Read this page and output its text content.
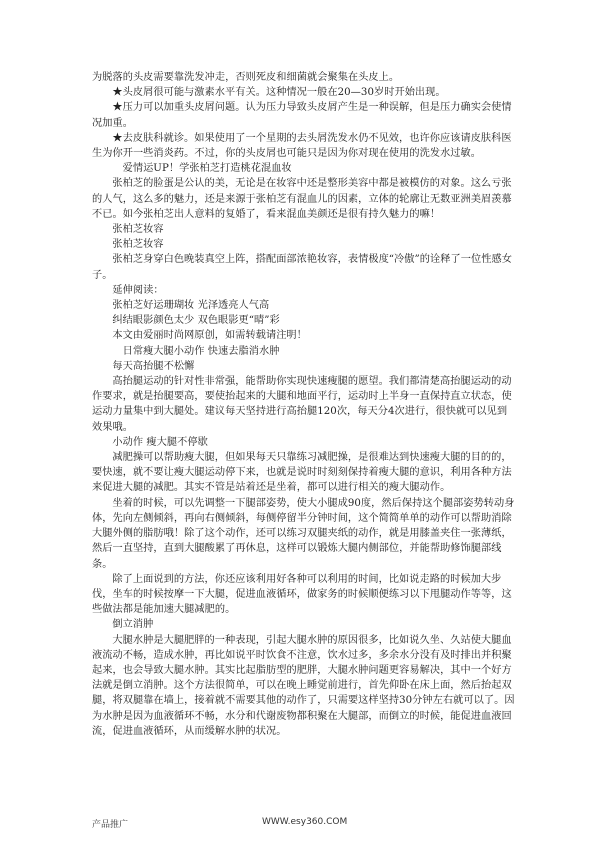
为脱落的头皮需要靠洗发冲走，否则死皮和细菌就会聚集在头皮上。

★头皮屑很可能与激素水平有关。这种情况一般在20—30岁时开始出现。

★压力可以加重头皮屑问题。认为压力导致头皮屑产生是一种误解，但是压力确实会使情况加重。

★去皮肤科就诊。如果使用了一个星期的去头屑洗发水仍不见效，也许你应该请皮肤科医生为你开一些消炎药。不过，你的头皮屑也可能只是因为你对现在使用的洗发水过敏。

爱情运UP！学张柏芝打造桃花混血妆

张柏芝的脸蛋是公认的美，无论是在妆容中还是整形美容中都是被模仿的对象。这么亏张的人气，这么多的魅力，还是来源于张柏芝有混血儿的因素，立体的轮廓让无数亚洲美眉羡慕不已。如今张柏芝出人意料的复婚了，看来混血美颜还是很有持久魅力的嘛！

张柏芝妆容

张柏芝妆容

张柏芝身穿白色晚装真空上阵，搭配面部浓艳妆容，表情极度“冷傲”的诠释了一位性感女子。

延伸阅读：

张柏芝好运珊瑚妆 光泽透亮人气高

纠结眼影颜色太少 双色眼影更“晴”彩

本文由爱丽时尚网原创，如需转载请注明！

日常瘦大腿小动作 快速去脂消水肿

每天高抬腿不松懈

高抬腿运动的针对性非常强，能帮助你实现快速瘦腿的愿望。我们都清楚高抬腿运动的动作要求，就是抬腿要高，要使抬起来的大腿和地面平行，运动时上半身一直保持直立状态，使运动力量集中到大腿处。建议每天坚持进行高抬腿120次，每天分4次进行，很快就可以见到效果哦。

小动作 瘦大腿不停歇

减肥操可以帮助瘦大腿，但如果每天只靠练习减肥操，是很难达到快速瘦大腿的目的的，要快速，就不要让瘦大腿运动停下来，也就是说时时刻刻保持着瘦大腿的意识，利用各种方法来促进大腿的减肥。其实不管是站着还是坐着，都可以进行相关的瘦大腿动作。

坐着的时候，可以先调整一下腿部姿势，使大小腿成90度，然后保持这个腿部姿势转动身体，先向左侧倾斜，再向右侧倾斜，每侧停留半分钟时间，这个简简单单的动作可以帮助消除大腿外侧的脂肪哦！除了这个动作，还可以练习双腿夹纸的动作，就是用膝盖夹住一张薄纸，然后一直坚持，直到大腿酸累了再休息，这样可以锻炼大腿内侧部位，并能帮助修饰腿部线条。

除了上面说到的方法，你还应该利用好各种可以利用的时间，比如说走路的时候加大步伐，坐车的时候按摩一下大腿，促进血液循环，做家务的时候顺便练习以下甩腿动作等等，这些做法都是能加速大腿减肥的。

倒立消肿

大腿水肿是大腿肥胖的一种表现，引起大腿水肿的原因很多，比如说久坐、久站使大腿血液流动不畅，造成水肿，再比如说平时饮食不注意，饮水过多，多余水分没有及时排出并积聚起来，也会导致大腿水肿。其实比起脂肪型的肥胖，大腿水肿问题更容易解决，其中一个好方法就是倒立消肿。这个方法很简单，可以在晚上睡觉前进行，首先仰卧在床上面，然后抬起双腿，将双腿靠在墙上，接着就不需要其他的动作了，只需要这样坚持30分钟左右就可以了。因为水肿是因为血液循环不畅，水分和代谢废物都积聚在大腿部，而倒立的时候，能促进血液回流，促进血液循环，从而缓解水肿的状况。

产品推广	WWW.esy360.COM
